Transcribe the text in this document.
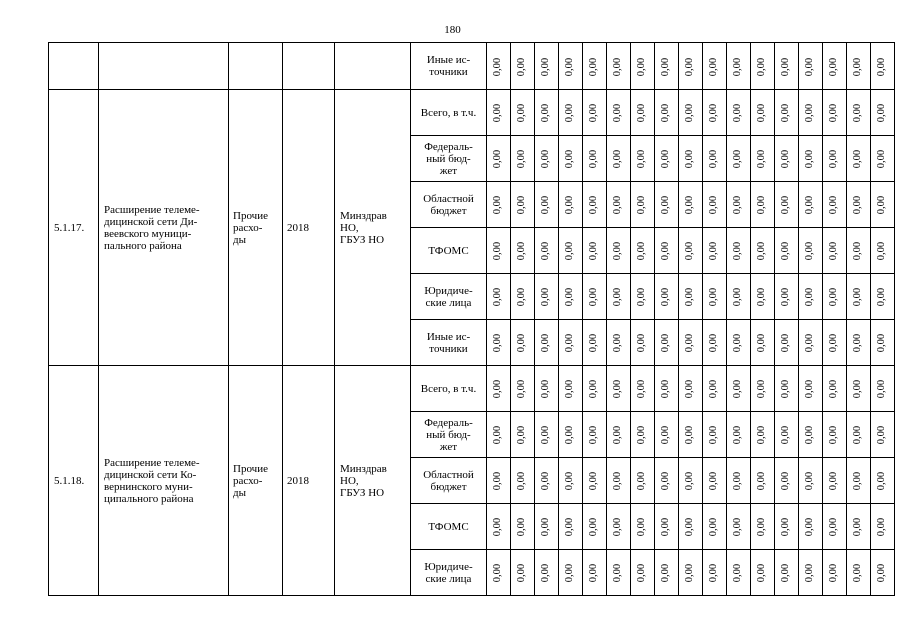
180
					Иные ис-
точники	0,00	0,00	0,00	0,00	0,00	0,00	0,00	0,00	0,00	0,00	0,00	0,00	0,00	0,00	0,00	0,00	0,00
5.1.17.	Расширение телеме-
дицинской сети Ди-
веевского муници-
пального района	Прочие
расхо-
ды	2018	Минздрав
НО,
ГБУЗ НО	Всего, в т.ч.	0,00	0,00	0,00	0,00	0,00	0,00	0,00	0,00	0,00	0,00	0,00	0,00	0,00	0,00	0,00	0,00	0,00
					Федераль-
ный бюд-
жет	0,00	0,00	0,00	0,00	0,00	0,00	0,00	0,00	0,00	0,00	0,00	0,00	0,00	0,00	0,00	0,00	0,00
					Областной
бюджет	0,00	0,00	0,00	0,00	0,00	0,00	0,00	0,00	0,00	0,00	0,00	0,00	0,00	0,00	0,00	0,00	0,00
					ТФОМС	0,00	0,00	0,00	0,00	0,00	0,00	0,00	0,00	0,00	0,00	0,00	0,00	0,00	0,00	0,00	0,00	0,00
					Юридиче-
ские лица	0,00	0,00	0,00	0,00	0,00	0,00	0,00	0,00	0,00	0,00	0,00	0,00	0,00	0,00	0,00	0,00	0,00
					Иные ис-
точники	0,00	0,00	0,00	0,00	0,00	0,00	0,00	0,00	0,00	0,00	0,00	0,00	0,00	0,00	0,00	0,00	0,00
5.1.18.	Расширение телеме-
дицинской сети Ко-
вернинского муни-
ципального района	Прочие
расхо-
ды	2018	Минздрав
НО,
ГБУЗ НО	Всего, в т.ч.	0,00	0,00	0,00	0,00	0,00	0,00	0,00	0,00	0,00	0,00	0,00	0,00	0,00	0,00	0,00	0,00	0,00
					Федераль-
ный бюд-
жет	0,00	0,00	0,00	0,00	0,00	0,00	0,00	0,00	0,00	0,00	0,00	0,00	0,00	0,00	0,00	0,00	0,00
					Областной
бюджет	0,00	0,00	0,00	0,00	0,00	0,00	0,00	0,00	0,00	0,00	0,00	0,00	0,00	0,00	0,00	0,00	0,00
					ТФОМС	0,00	0,00	0,00	0,00	0,00	0,00	0,00	0,00	0,00	0,00	0,00	0,00	0,00	0,00	0,00	0,00	0,00
					Юридиче-
ские лица	0,00	0,00	0,00	0,00	0,00	0,00	0,00	0,00	0,00	0,00	0,00	0,00	0,00	0,00	0,00	0,00	0,00
